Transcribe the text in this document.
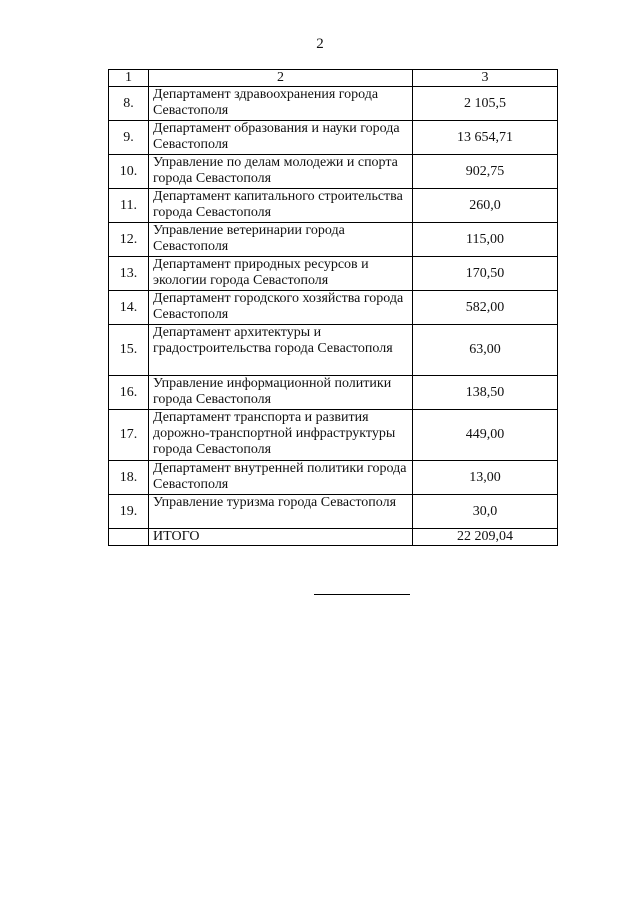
2
1	2	3
8.	Департамент здравоохранения города Севастополя	2 105,5
9.	Департамент образования и науки города Севастополя	13 654,71
10.	Управление по делам молодежи и спорта города Севастополя	902,75
11.	Департамент капитального строительства города Севастополя	260,0
12.	Управление ветеринарии города Севастополя	115,00
13.	Департамент природных ресурсов и экологии города Севастополя	170,50
14.	Департамент городского хозяйства города Севастополя	582,00
15.	Департамент архитектуры и градостроительства города Севастополя	63,00
16.	Управление информационной политики города Севастополя	138,50
17.	Департамент транспорта и развития дорожно-транспортной инфраструктуры города Севастополя	449,00
18.	Департамент внутренней политики города Севастополя	13,00
19.	Управление туризма города Севастополя	30,0
	ИТОГО	22 209,04
